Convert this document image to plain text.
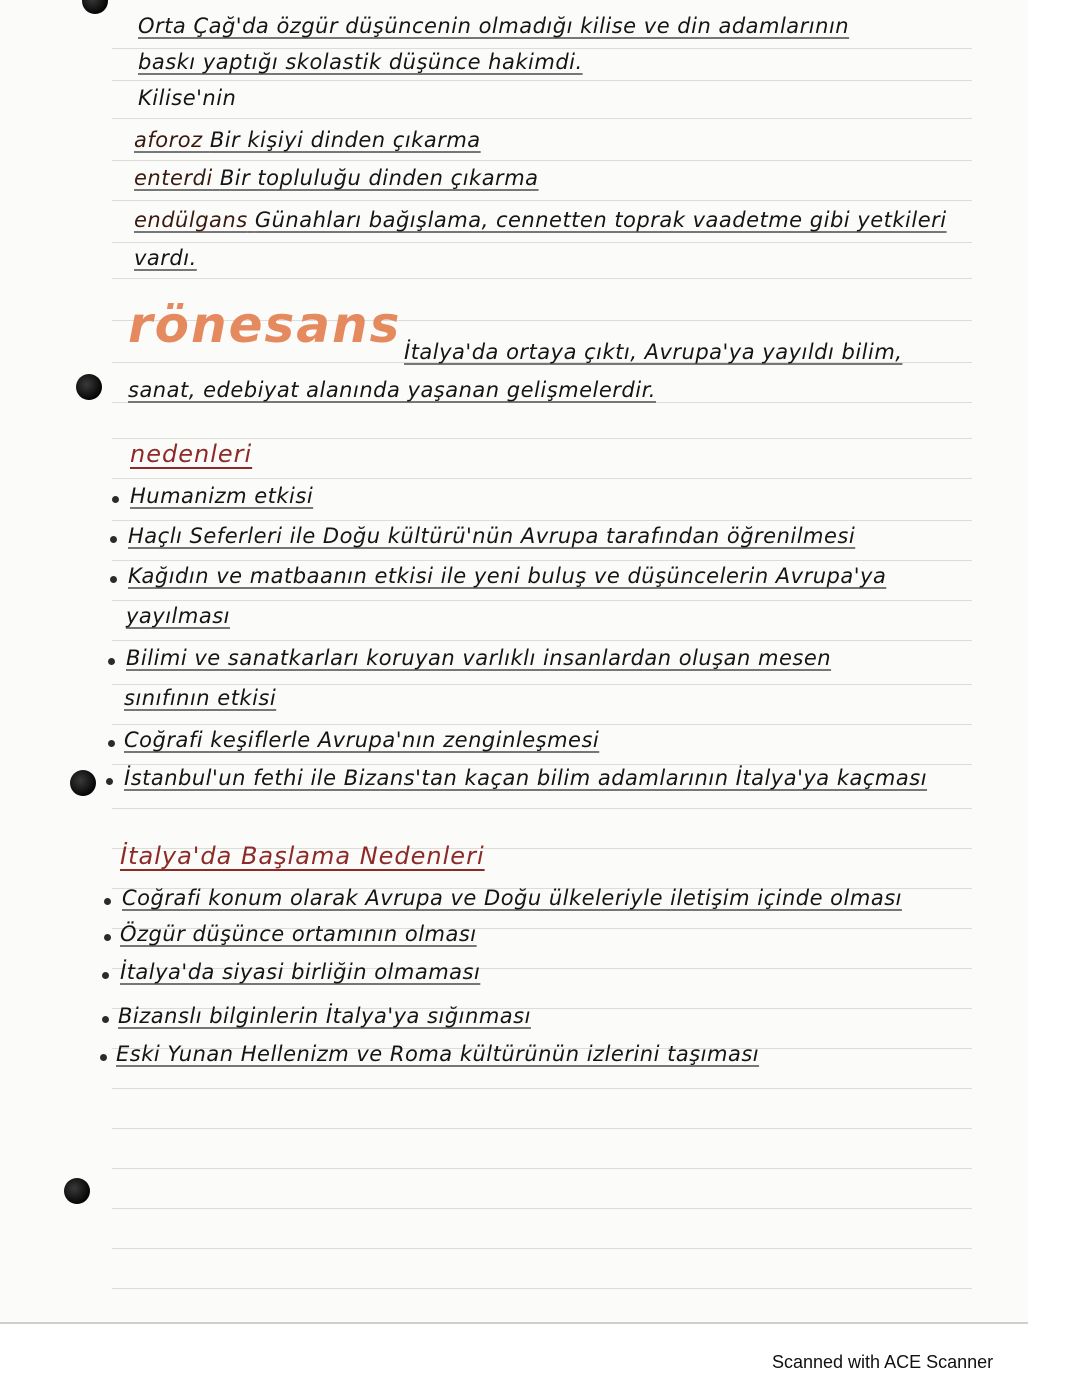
Orta Çağ'da özgür düşüncenin olmadığı kilise ve din adamlarının
baskı yaptığı skolastik düşünce hakimdi.
Kilise'nin
aforoz Bir kişiyi dinden çıkarma
enterdi Bir topluluğu dinden çıkarma
endülgans Günahları bağışlama, cennetten toprak vaadetme gibi yetkileri
vardı.
rönesans İtalya'da ortaya çıktı, Avrupa'ya yayıldı bilim,
sanat, edebiyat alanında yaşanan gelişmelerdir.
nedenleri
Humanizm etkisi
Haçlı Seferleri ile Doğu kültürü'nün Avrupa tarafından öğrenilmesi
Kağıdın ve matbaanın etkisi ile yeni buluş ve düşüncelerin Avrupa'ya
yayılması
Bilimi ve sanatkarları koruyan varlıklı insanlardan oluşan mesen
sınıfının etkisi
Coğrafi keşiflerle Avrupa'nın zenginleşmesi
İstanbul'un fethi ile Bizans'tan kaçan bilim adamlarının İtalya'ya kaçması
İtalya'da Başlama Nedenleri
Coğrafi konum olarak Avrupa ve Doğu ülkeleriyle iletişim içinde olması
Özgür düşünce ortamının olması
İtalya'da siyasi birliğin olmaması
Bizanslı bilginlerin İtalya'ya sığınması
Eski Yunan Hellenizm ve Roma kültürünün izlerini taşıması
Scanned with ACE Scanner
